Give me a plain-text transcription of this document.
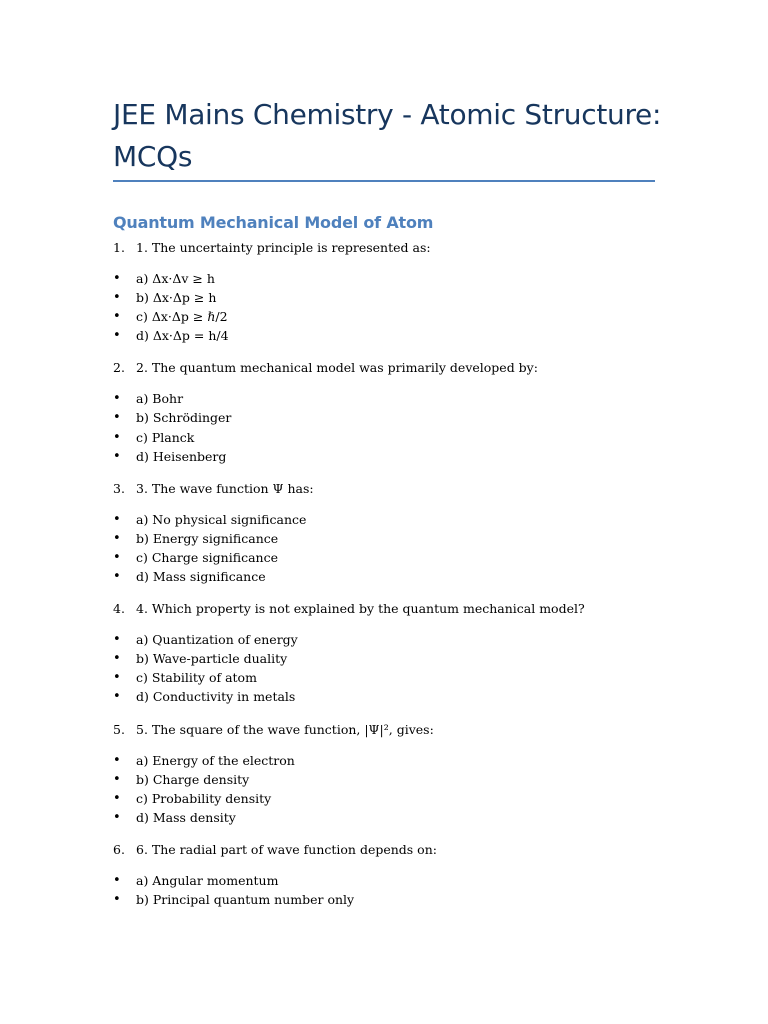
JEE Mains Chemistry - Atomic Structure: MCQs
Quantum Mechanical Model of Atom
1. 1. The uncertainty principle is represented as:
•	a) Δx·Δv ≥ h
•	b) Δx·Δp ≥ h
•	c) Δx·Δp ≥ ℏ/2
•	d) Δx·Δp = h/4
2. 2. The quantum mechanical model was primarily developed by:
•	a) Bohr
•	b) Schrödinger
•	c) Planck
•	d) Heisenberg
3. 3. The wave function Ψ has:
•	a) No physical significance
•	b) Energy significance
•	c) Charge significance
•	d) Mass significance
4. 4. Which property is not explained by the quantum mechanical model?
•	a) Quantization of energy
•	b) Wave-particle duality
•	c) Stability of atom
•	d) Conductivity in metals
5. 5. The square of the wave function, |Ψ|², gives:
•	a) Energy of the electron
•	b) Charge density
•	c) Probability density
•	d) Mass density
6. 6. The radial part of wave function depends on:
•	a) Angular momentum
•	b) Principal quantum number only
